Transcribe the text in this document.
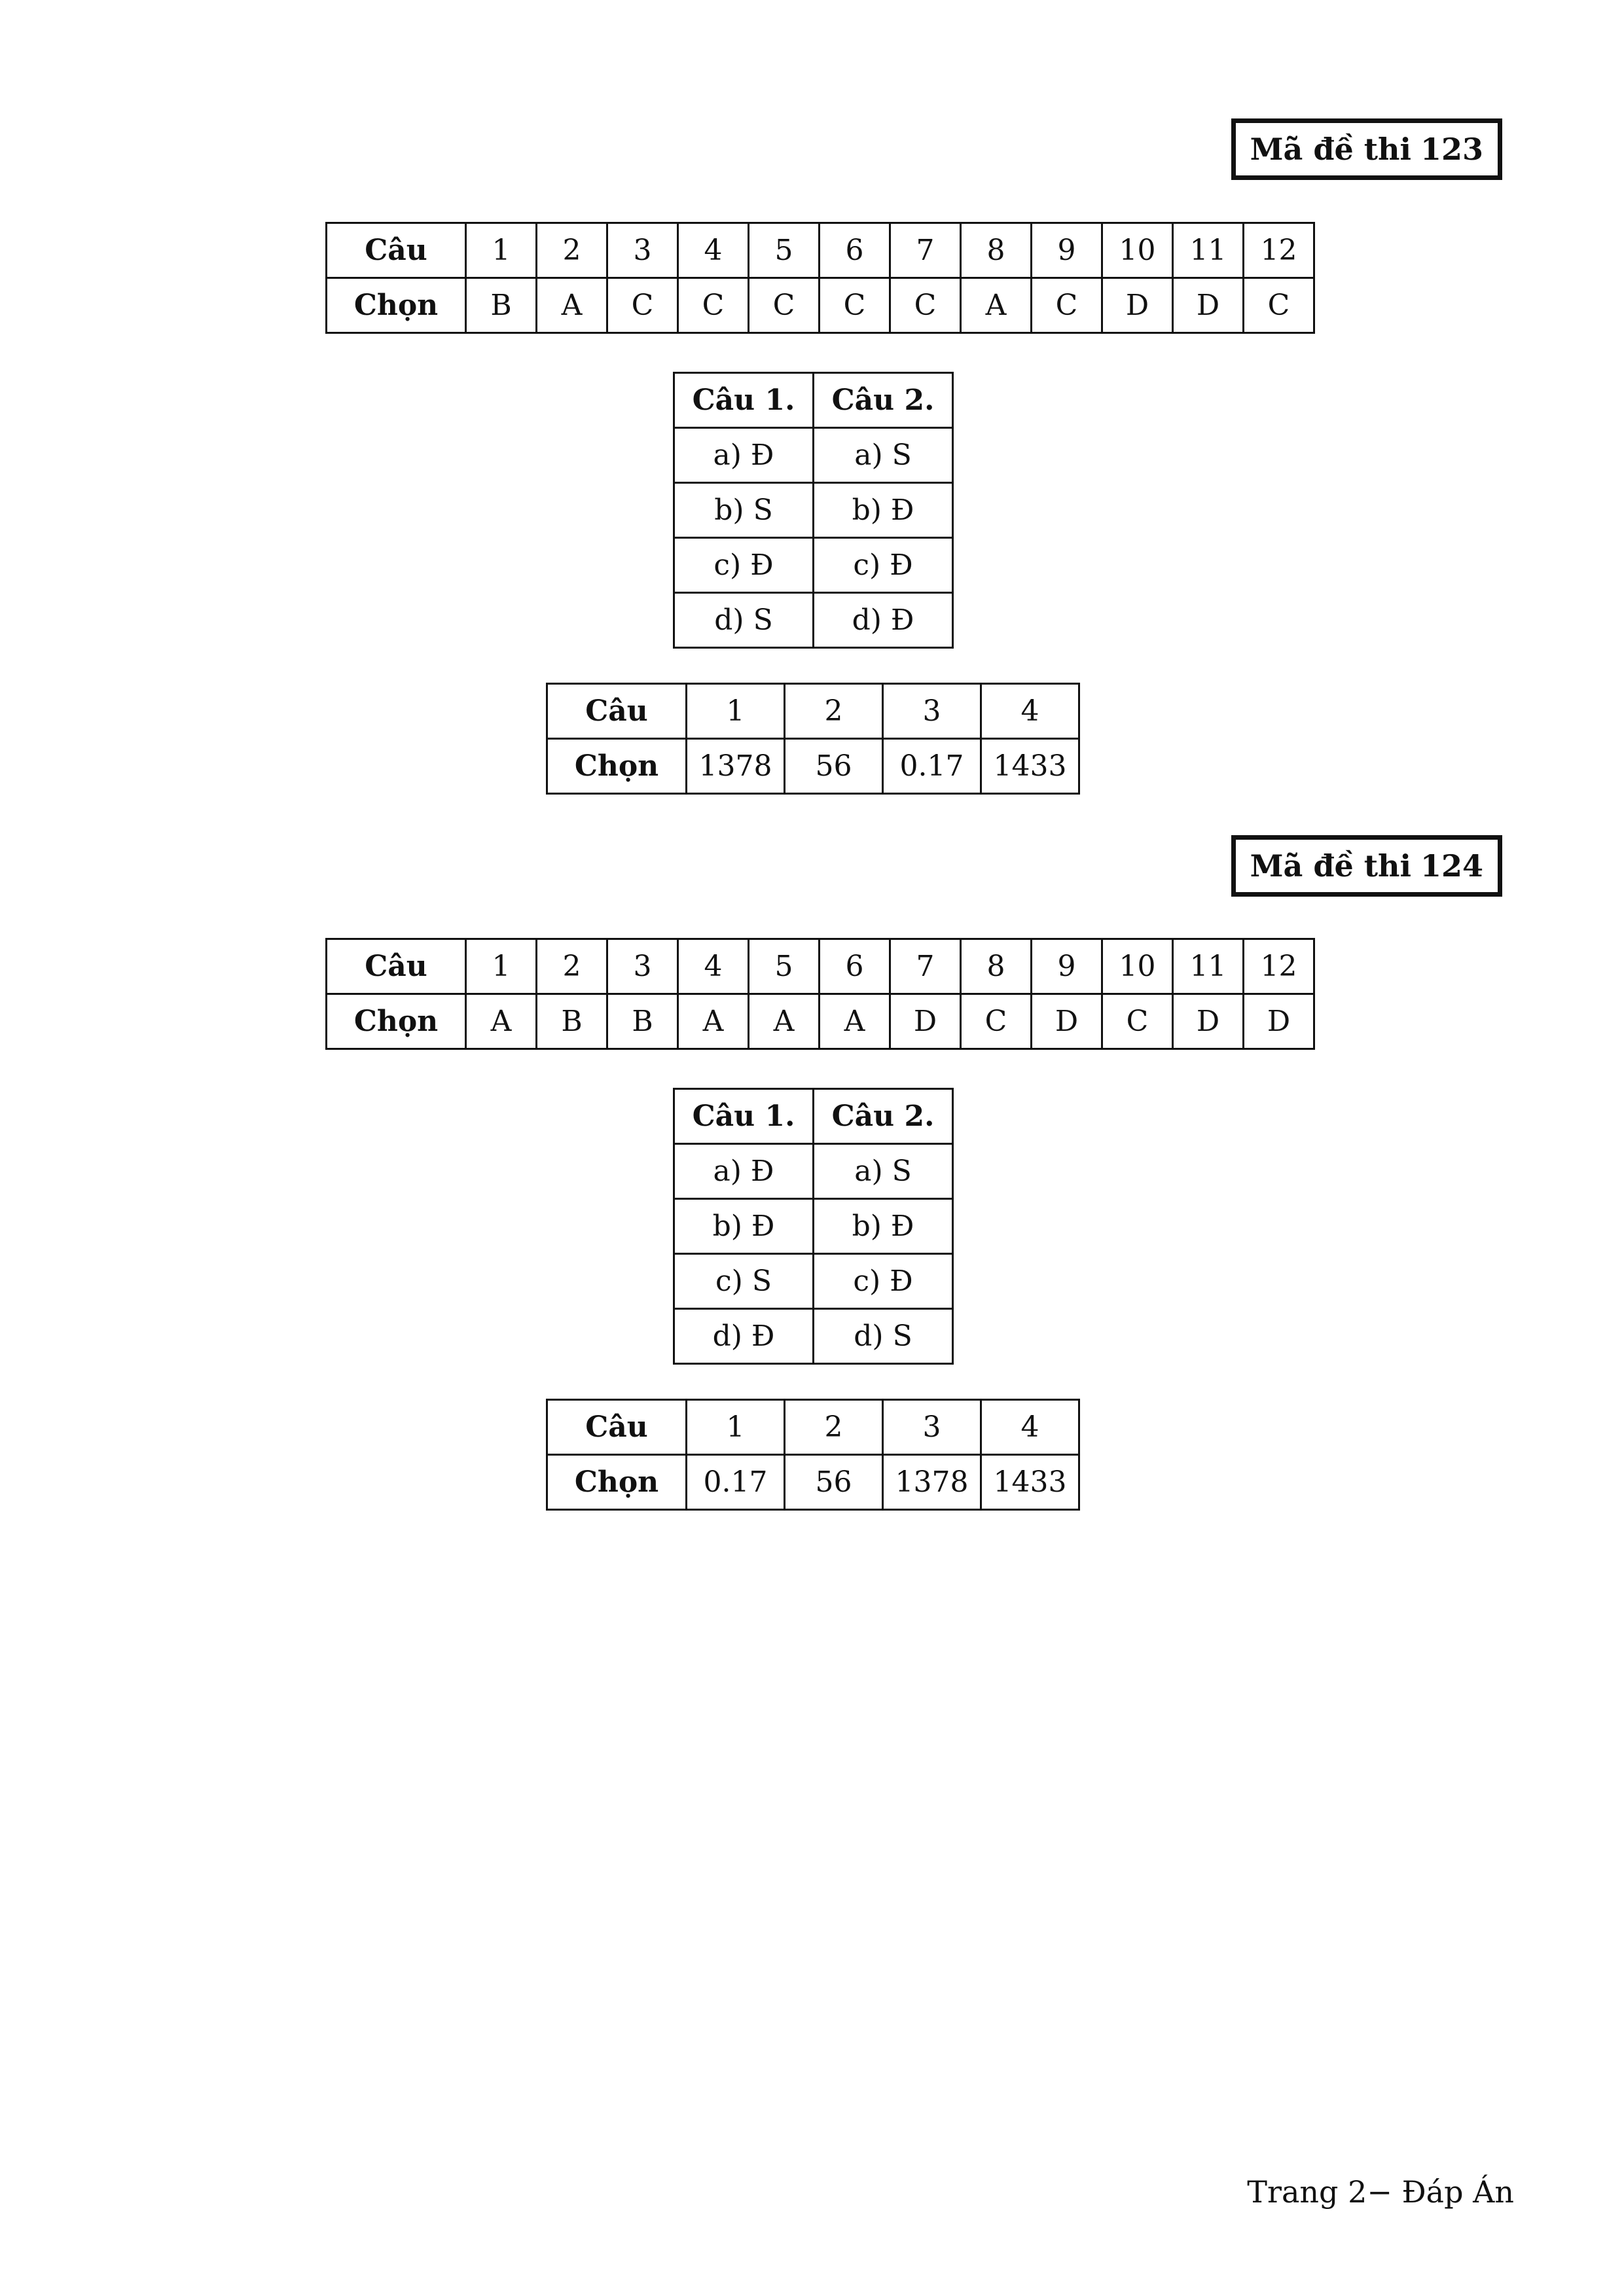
Mã đề thi 123
Câu	1	2	3	4	5	6	7	8	9	10	11	12
Chọn	B	A	C	C	C	C	C	A	C	D	D	C
Câu 1.	Câu 2.
a) Đ	a) S
b) S	b) Đ
c) Đ	c) Đ
d) S	d) Đ
Câu	1	2	3	4
Chọn	1378	56	0.17	1433
Mã đề thi 124
Câu	1	2	3	4	5	6	7	8	9	10	11	12
Chọn	A	B	B	A	A	A	D	C	D	C	D	D
Câu 1.	Câu 2.
a) Đ	a) S
b) Đ	b) Đ
c) S	c) Đ
d) Đ	d) S
Câu	1	2	3	4
Chọn	0.17	56	1378	1433
Trang 2− Đáp Án
